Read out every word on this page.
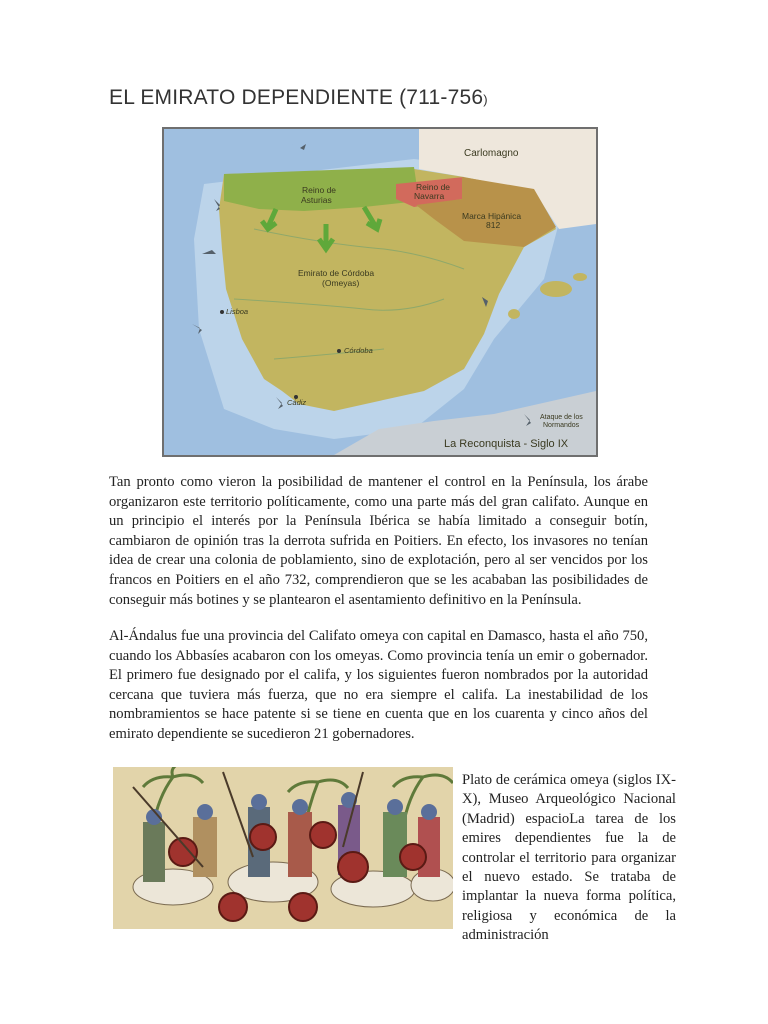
EL EMIRATO DEPENDIENTE (711-756)
Carlomagno
Reino de
Asturias
Reino de
Navarra
Marca Hipánica
812
Emirato de Córdoba
(Omeyas)
Lisboa
Córdoba
Cádiz
Ataque de los
Normandos
La Reconquista - Siglo IX

Tan pronto como vieron la posibilidad de mantener el control en la Península, los árabe organizaron este territorio políticamente, como una parte más del gran califato. Aunque en un principio el interés por la Península Ibérica se había limitado a conseguir botín, cambiaron de opinión tras la derrota sufrida en Poitiers. En efecto, los invasores no tenían idea de crear una colonia de poblamiento, sino de explotación, pero al ser vencidos por los francos en Poitiers en el año 732, comprendieron que se les acababan las posibilidades de conseguir más botines y se plantearon el asentamiento definitivo en la Península.

Al-Ándalus fue una provincia del Califato omeya con capital en Damasco, hasta el año 750, cuando los Abbasíes acabaron con los omeyas. Como provincia tenía un emir o gobernador. El primero fue designado por el califa, y los siguientes fueron nombrados por la autoridad cercana que tuviera más fuerza, que no era siempre el califa. La inestabilidad de los nombramientos se hace patente si se tiene en cuenta que en los cuarenta y cinco años del emirato dependiente se sucedieron 21 gobernadores.

Plato de cerámica omeya (siglos IX-X), Museo Arqueológico Nacional (Madrid) espacioLa tarea de los emires dependientes fue la de controlar el territorio para organizar el nuevo estado. Se trataba de implantar la nueva forma política, religiosa y económica de la administración
